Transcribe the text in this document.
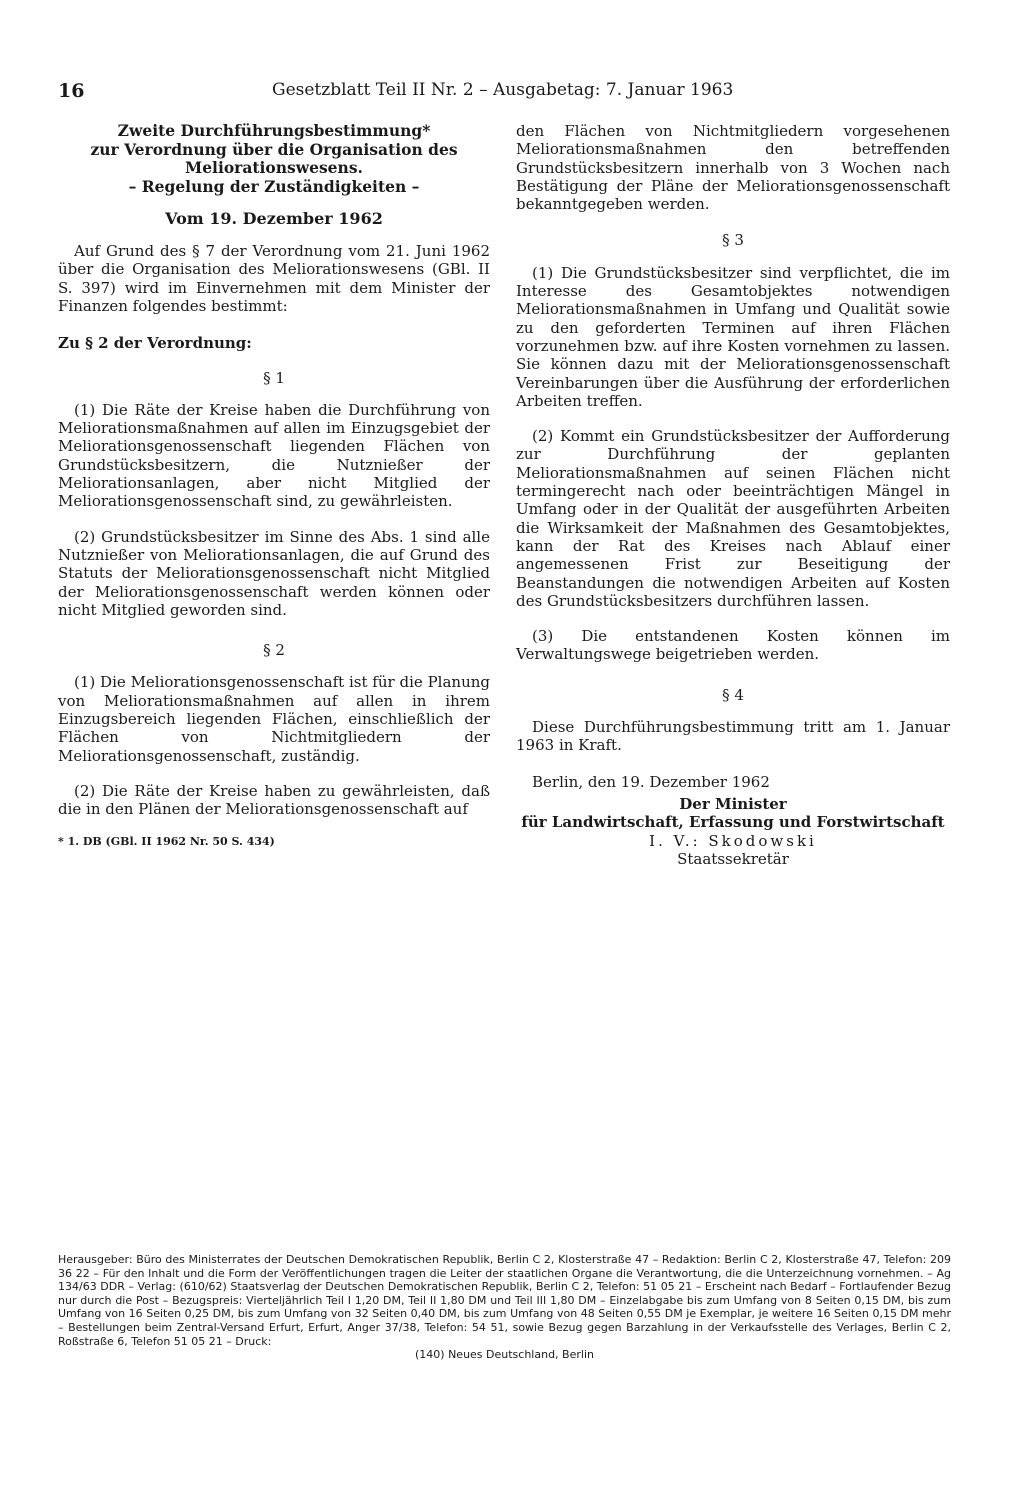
16	Gesetzblatt Teil II Nr. 2 – Ausgabetag: 7. Januar 1963
Zweite Durchführungsbestimmung*
zur Verordnung über die Organisation des
Meliorationswesens.
– Regelung der Zuständigkeiten –
Vom 19. Dezember 1962

Auf Grund des § 7 der Verordnung vom 21. Juni 1962 über die Organisation des Meliorationswesens (GBl. II S. 397) wird im Einvernehmen mit dem Minister der Finanzen folgendes bestimmt:

Zu § 2 der Verordnung:

§ 1

(1) Die Räte der Kreise haben die Durchführung von Meliorationsmaßnahmen auf allen im Einzugsgebiet der Meliorationsgenossenschaft liegenden Flächen von Grundstücksbesitzern, die Nutznießer der Meliorationsanlagen, aber nicht Mitglied der Meliorationsgenossenschaft sind, zu gewährleisten.

(2) Grundstücksbesitzer im Sinne des Abs. 1 sind alle Nutznießer von Meliorationsanlagen, die auf Grund des Statuts der Meliorationsgenossenschaft nicht Mitglied der Meliorationsgenossenschaft werden können oder nicht Mitglied geworden sind.

§ 2

(1) Die Meliorationsgenossenschaft ist für die Planung von Meliorationsmaßnahmen auf allen in ihrem Einzugsbereich liegenden Flächen, einschließlich der Flächen von Nichtmitgliedern der Meliorationsgenossenschaft, zuständig.

(2) Die Räte der Kreise haben zu gewährleisten, daß die in den Plänen der Meliorationsgenossenschaft auf

* 1. DB (GBl. II 1962 Nr. 50 S. 434)

den Flächen von Nichtmitgliedern vorgesehenen Meliorationsmaßnahmen den betreffenden Grundstücksbesitzern innerhalb von 3 Wochen nach Bestätigung der Pläne der Meliorationsgenossenschaft bekanntgegeben werden.

§ 3

(1) Die Grundstücksbesitzer sind verpflichtet, die im Interesse des Gesamtobjektes notwendigen Meliorationsmaßnahmen in Umfang und Qualität sowie zu den geforderten Terminen auf ihren Flächen vorzunehmen bzw. auf ihre Kosten vornehmen zu lassen. Sie können dazu mit der Meliorationsgenossenschaft Vereinbarungen über die Ausführung der erforderlichen Arbeiten treffen.

(2) Kommt ein Grundstücksbesitzer der Aufforderung zur Durchführung der geplanten Meliorationsmaßnahmen auf seinen Flächen nicht termingerecht nach oder beeinträchtigen Mängel in Umfang oder in der Qualität der ausgeführten Arbeiten die Wirksamkeit der Maßnahmen des Gesamtobjektes, kann der Rat des Kreises nach Ablauf einer angemessenen Frist zur Beseitigung der Beanstandungen die notwendigen Arbeiten auf Kosten des Grundstücksbesitzers durchführen lassen.

(3) Die entstandenen Kosten können im Verwaltungswege beigetrieben werden.

§ 4

Diese Durchführungsbestimmung tritt am 1. Januar 1963 in Kraft.

Berlin, den 19. Dezember 1962

Der Minister
für Landwirtschaft, Erfassung und Forstwirtschaft
I. V.: Skodowski
Staatssekretär
Herausgeber: Büro des Ministerrates der Deutschen Demokratischen Republik, Berlin C 2, Klosterstraße 47 – Redaktion: Berlin C 2, Klosterstraße 47, Telefon: 209 36 22 – Für den Inhalt und die Form der Veröffentlichungen tragen die Leiter der staatlichen Organe die Verantwortung, die die Unterzeichnung vornehmen. – Ag 134/63 DDR – Verlag: (610/62) Staatsverlag der Deutschen Demokratischen Republik, Berlin C 2, Telefon: 51 05 21 – Erscheint nach Bedarf – Fortlaufender Bezug nur durch die Post – Bezugspreis: Vierteljährlich Teil I 1,20 DM, Teil II 1,80 DM und Teil III 1,80 DM – Einzelabgabe bis zum Umfang von 8 Seiten 0,15 DM, bis zum Umfang von 16 Seiten 0,25 DM, bis zum Umfang von 32 Seiten 0,40 DM, bis zum Umfang von 48 Seiten 0,55 DM je Exemplar, je weitere 16 Seiten 0,15 DM mehr – Bestellungen beim Zentral-Versand Erfurt, Erfurt, Anger 37/38, Telefon: 54 51, sowie Bezug gegen Barzahlung in der Verkaufsstelle des Verlages, Berlin C 2, Roßstraße 6, Telefon 51 05 21 – Druck:
(140) Neues Deutschland, Berlin
